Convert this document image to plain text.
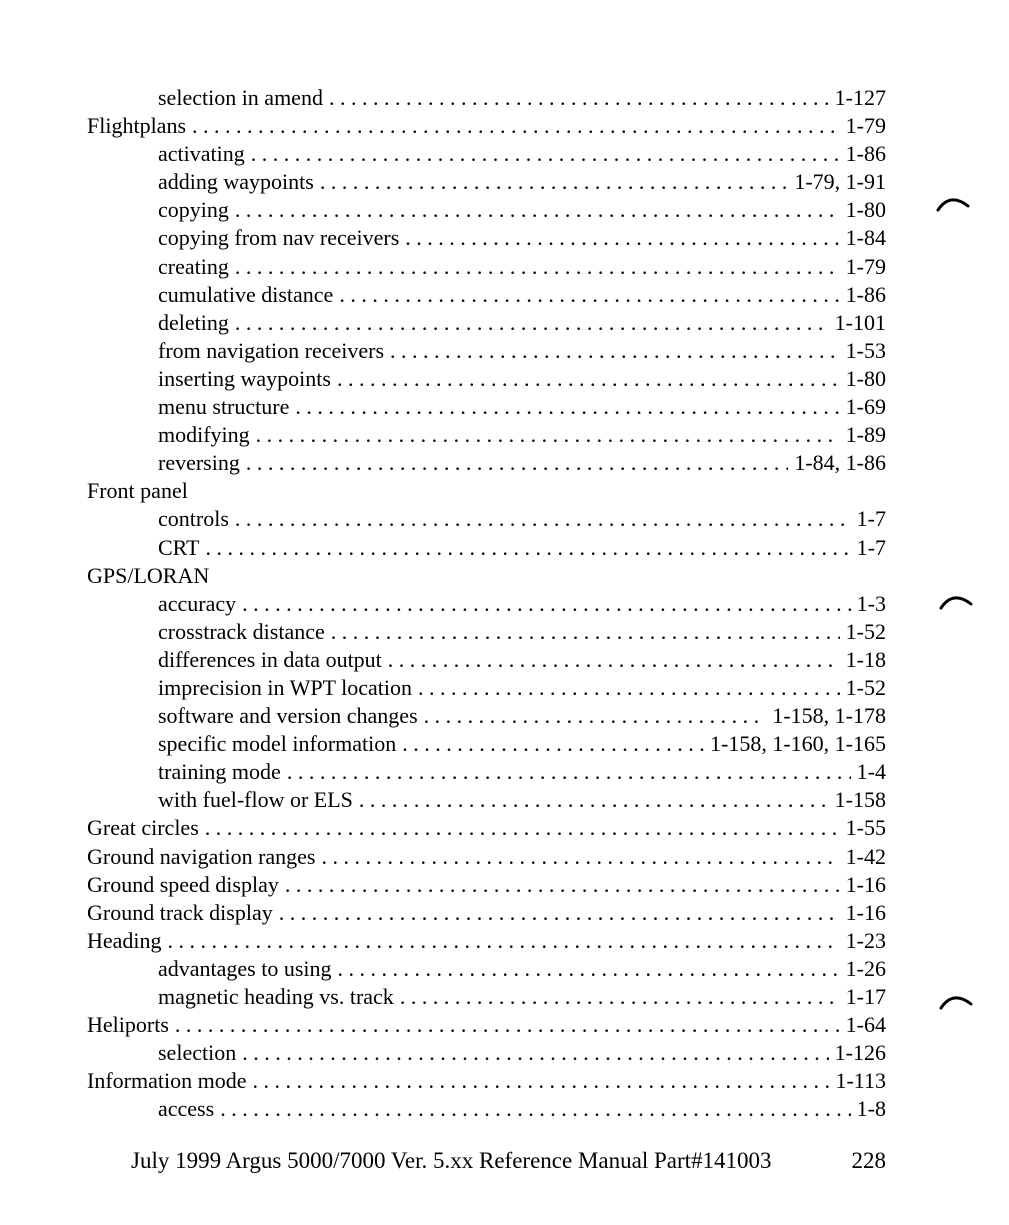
selection in amend . . .	1-127
Flightplans . . .	1-79
activating . . .	1-86
adding waypoints . . .	1-79, 1-91
copying . . .	1-80
copying from nav receivers . . .	1-84
creating . . .	1-79
cumulative distance . . .	1-86
deleting . . .	1-101
from navigation receivers . . .	1-53
inserting waypoints . . .	1-80
menu structure . . .	1-69
modifying . . .	1-89
reversing . . .	1-84, 1-86
Front panel
controls . . .	1-7
CRT . . .	1-7
GPS/LORAN
accuracy . . .	1-3
crosstrack distance . . .	1-52
differences in data output . . .	1-18
imprecision in WPT location . . .	1-52
software and version changes . . .	1-158, 1-178
specific model information . . .	1-158, 1-160, 1-165
training mode . . .	1-4
with fuel-flow or ELS . . .	1-158
Great circles . . .	1-55
Ground navigation ranges . . .	1-42
Ground speed display . . .	1-16
Ground track display . . .	1-16
Heading . . .	1-23
advantages to using . . .	1-26
magnetic heading vs. track . . .	1-17
Heliports . . .	1-64
selection . . .	1-126
Information mode . . .	1-113
access . . .	1-8
July 1999 Argus 5000/7000 Ver. 5.xx Reference Manual Part#141003	228
